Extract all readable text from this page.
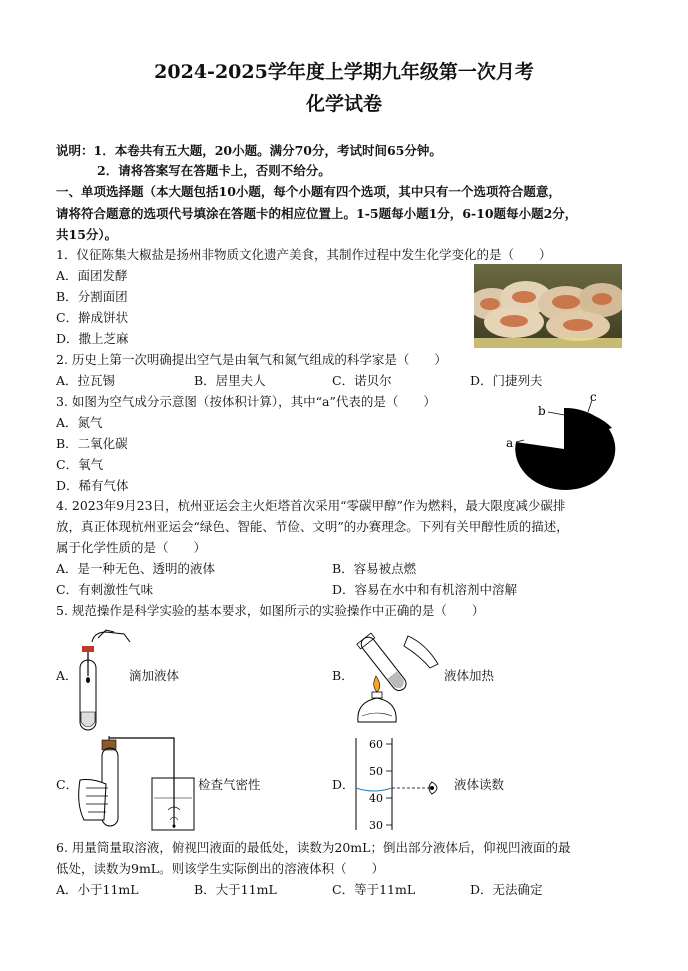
2024-2025学年度上学期九年级第一次月考
化学试卷
说明：1．本卷共有五大题，20小题。满分70分，考试时间65分钟。
2．请将答案写在答题卡上，否则不给分。
一、单项选择题（本大题包括10小题，每个小题有四个选项，其中只有一个选项符合题意，
请将符合题意的选项代号填涂在答题卡的相应位置上。1-5题每小题1分，6-10题每小题2分，
共15分）。
1．仪征陈集大椒盐是扬州非物质文化遗产美食，其制作过程中发生化学变化的是（　　）
A．面团发酵
B．分割面团
C．擀成饼状
D．撒上芝麻
2. 历史上第一次明确提出空气是由氧气和氮气组成的科学家是（　　）
A．拉瓦锡	B．居里夫人	C．诺贝尔	D．门捷列夫
3. 如图为空气成分示意图（按体积计算），其中“a”代表的是（　　）
A．氮气
B．二氧化碳
C．氧气
D．稀有气体
a
b
c
4. 2023年9月23日，杭州亚运会主火炬塔首次采用“零碳甲醇”作为燃料，最大限度减少碳排
放，真正体现杭州亚运会“绿色、智能、节俭、文明”的办赛理念。下列有关甲醇性质的描述，
属于化学性质的是（　　）
A．是一种无色、透明的液体	B．容易被点燃
C．有刺激性气味	D．容易在水中和有机溶剂中溶解
5. 规范操作是科学实验的基本要求，如图所示的实验操作中正确的是（　　）
A．	滴加液体	B．	液体加热
C．	检查气密性	D．
60
50
40
30
液体读数
6. 用量筒量取溶液，俯视凹液面的最低处，读数为20mL；倒出部分液体后，仰视凹液面的最
低处，读数为9mL。则该学生实际倒出的溶液体积（　　）
A．小于11mL	B．大于11mL	C．等于11mL	D．无法确定
